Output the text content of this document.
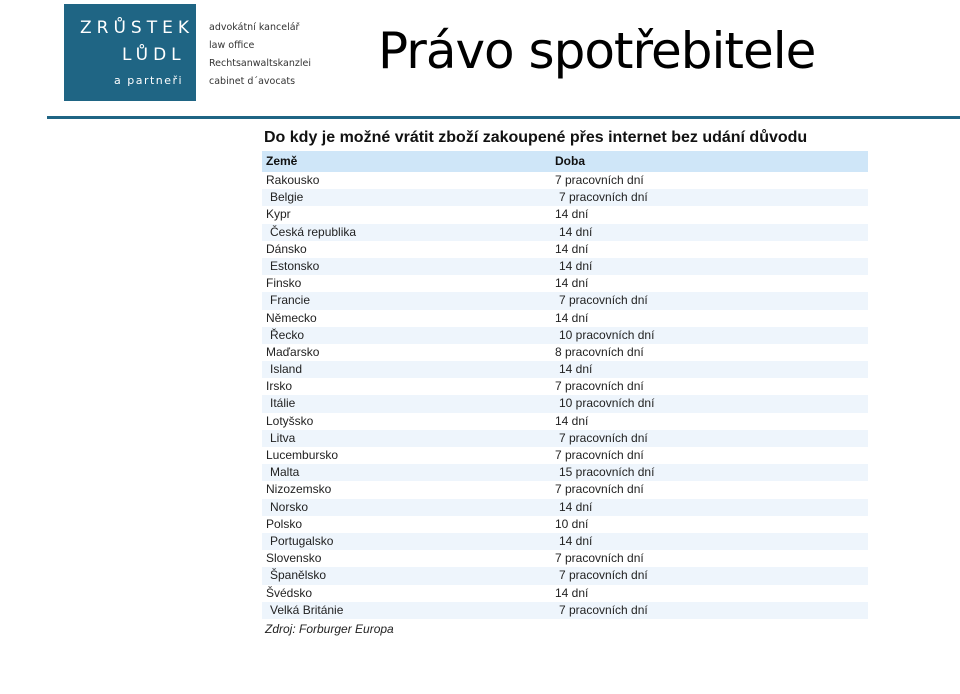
ZRŮSTEK
LŮDL
a partneři
advokátní kancelář
law office
Rechtsanwaltskanzlei
cabinet d´avocats
Právo spotřebitele
Do kdy je možné vrátit zboží zakoupené přes internet bez udání důvodu
Země	Doba
Rakousko	7 pracovních dní
Belgie	7 pracovních dní
Kypr	14 dní
Česká republika	14 dní
Dánsko	14 dní
Estonsko	14 dní
Finsko	14 dní
Francie	7 pracovních dní
Německo	14 dní
Řecko	10 pracovních dní
Maďarsko	8 pracovních dní
Island	14 dní
Irsko	7 pracovních dní
Itálie	10 pracovních dní
Lotyšsko	14 dní
Litva	7 pracovních dní
Lucembursko	7 pracovních dní
Malta	15 pracovních dní
Nizozemsko	7 pracovních dní
Norsko	14 dní
Polsko	10 dní
Portugalsko	14 dní
Slovensko	7 pracovních dní
Španělsko	7 pracovních dní
Švédsko	14 dní
Velká Británie	7 pracovních dní
Zdroj: Forburger Europa
